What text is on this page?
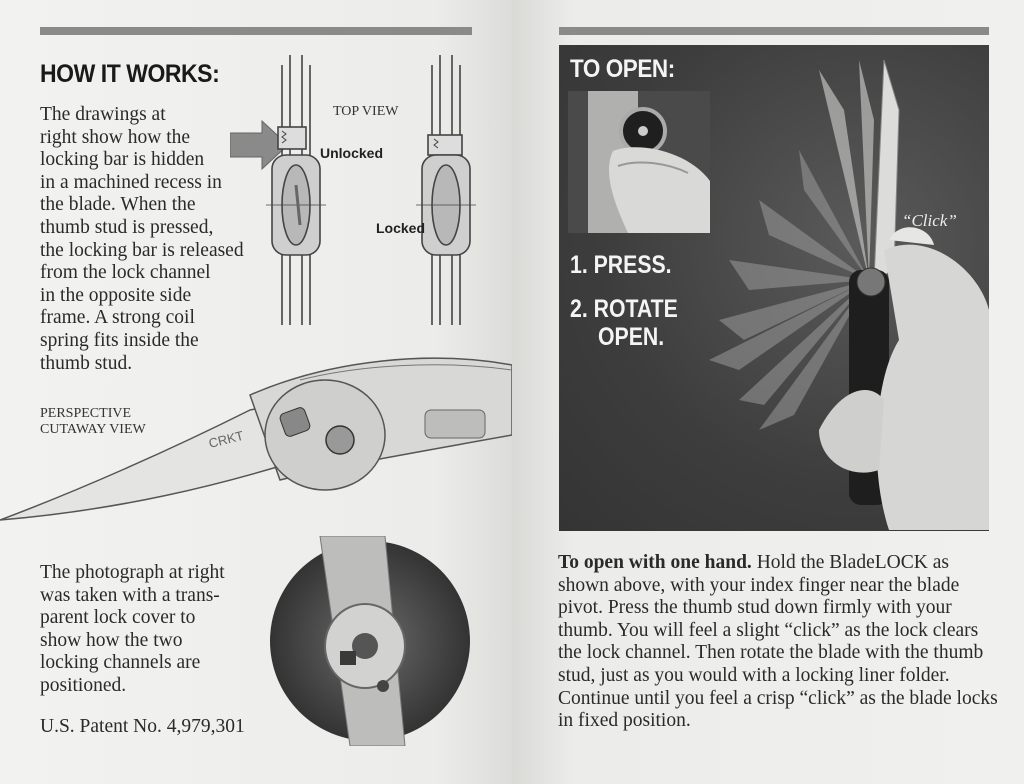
HOW IT WORKS:
The drawings at
right show how the
locking bar is hidden
in a machined recess in
the blade. When the
thumb stud is pressed,
the locking bar is released
from the lock channel
in the opposite side
frame. A strong coil
spring fits inside the
thumb stud.
TOP VIEW
Unlocked
Locked
PERSPECTIVE
CUTAWAY VIEW	CRKT
The photograph at right
was taken with a trans-
parent lock cover to
show how the two
locking channels are
positioned.
U.S. Patent No. 4,979,301
TO OPEN:
1. PRESS.
2. ROTATE
OPEN.
“Click”
To open with one hand. Hold the BladeLOCK as shown above, with your index finger near the blade pivot. Press the thumb stud down firmly with your thumb. You will feel a slight “click” as the lock clears the lock channel. Then rotate the blade with the thumb stud, just as you would with a locking liner folder. Continue until you feel a crisp “click” as the blade locks in fixed position.
